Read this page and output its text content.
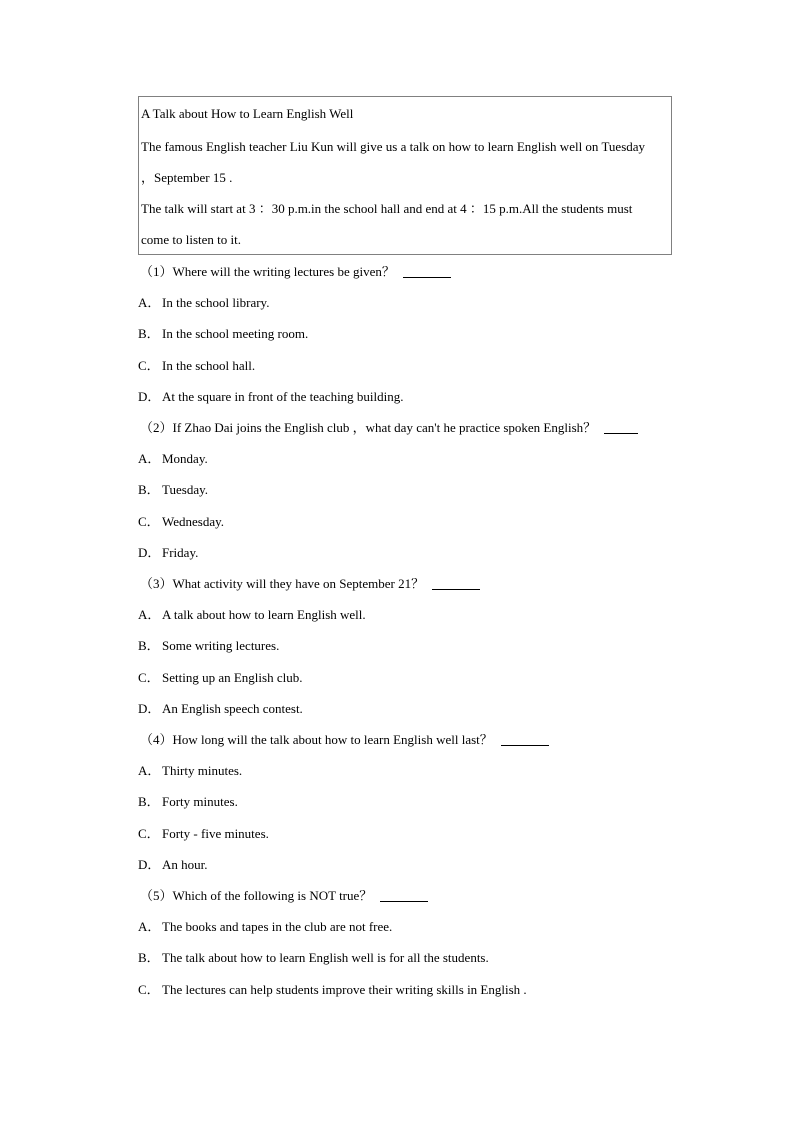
A Talk about How to Learn English Well
The famous English teacher Liu Kun will give us a talk on how to learn English well on Tuesday
，September 15 .
The talk will start at 3 ：30 p.m.in the school hall and end at 4 ：15 p.m.All the students must
come to listen to it.
（1）Where will the writing lectures be given？
A． In the school library.
B． In the school meeting room.
C． In the school hall.
D． At the square in front of the teaching building.
（2）If Zhao Dai joins the English club ，what day can't he practice spoken English？
A． Monday.
B． Tuesday.
C． Wednesday.
D． Friday.
（3）What activity will they have on September 21？
A． A talk about how to learn English well.
B． Some writing lectures.
C． Setting up an English club.
D． An English speech contest.
（4）How long will the talk about how to learn English well last？
A． Thirty minutes.
B． Forty minutes.
C． Forty - five minutes.
D． An hour.
（5）Which of the following is NOT true？
A． The books and tapes in the club are not free.
B． The talk about how to learn English well is for all the students.
C． The lectures can help students improve their writing skills in English .
